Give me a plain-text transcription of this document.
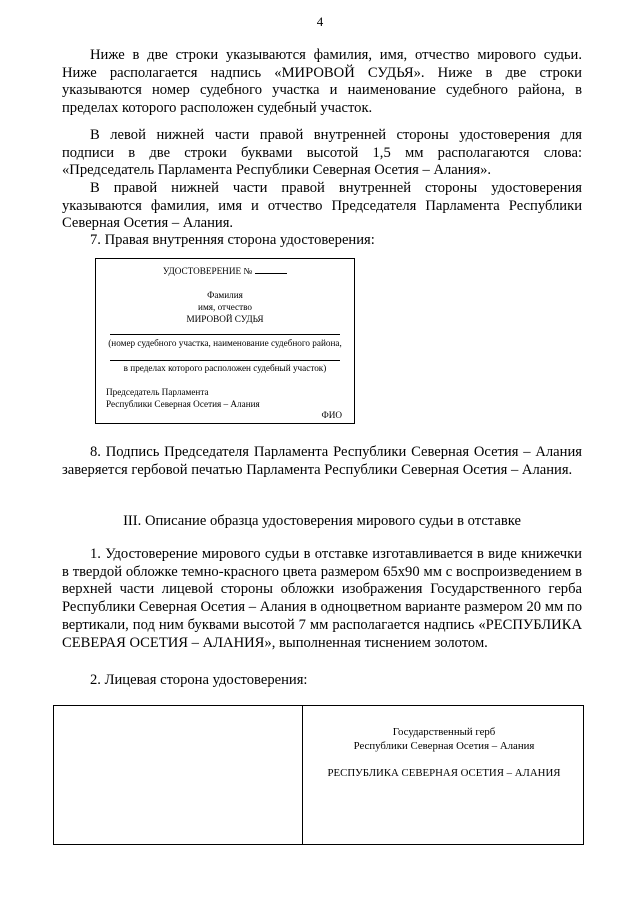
4

Ниже в две строки указываются фамилия, имя, отчество мирового судьи. Ниже располагается надпись «МИРОВОЙ СУДЬЯ». Ниже в две строки указываются номер судебного участка и наименование судебного района, в пределах которого расположен судебный участок.

В левой нижней части правой внутренней стороны удостоверения для подписи в две строки буквами высотой 1,5 мм располагаются слова: «Председатель Парламента Республики Северная Осетия – Алания».

В правой нижней части правой внутренней стороны удостоверения указываются фамилия, имя и отчество Председателя Парламента Республики Северная Осетия – Алания.

7. Правая внутренняя сторона удостоверения:

УДОСТОВЕРЕНИЕ №
Фамилия
имя, отчество
МИРОВОЙ СУДЬЯ
(номер судебного участка, наименование судебного района,
в пределах которого расположен судебный участок)
Председатель Парламента
Республики Северная Осетия – Алания
ФИО

8. Подпись Председателя Парламента Республики Северная Осетия – Алания заверяется гербовой печатью Парламента Республики Северная Осетия – Алания.

III. Описание образца удостоверения мирового судьи в отставке

1. Удостоверение мирового судьи в отставке изготавливается в виде книжечки в твердой обложке темно-красного цвета размером 65х90 мм с воспроизведением в верхней части лицевой стороны обложки изображения Государственного герба Республики Северная Осетия – Алания в одноцветном варианте размером 20 мм по вертикали, под ним буквами высотой 7 мм располагается надпись «РЕСПУБЛИКА СЕВЕРАЯ ОСЕТИЯ – АЛАНИЯ», выполненная тиснением золотом.

2. Лицевая сторона удостоверения:

Государственный герб
Республики Северная Осетия – Алания
РЕСПУБЛИКА СЕВЕРНАЯ ОСЕТИЯ – АЛАНИЯ
